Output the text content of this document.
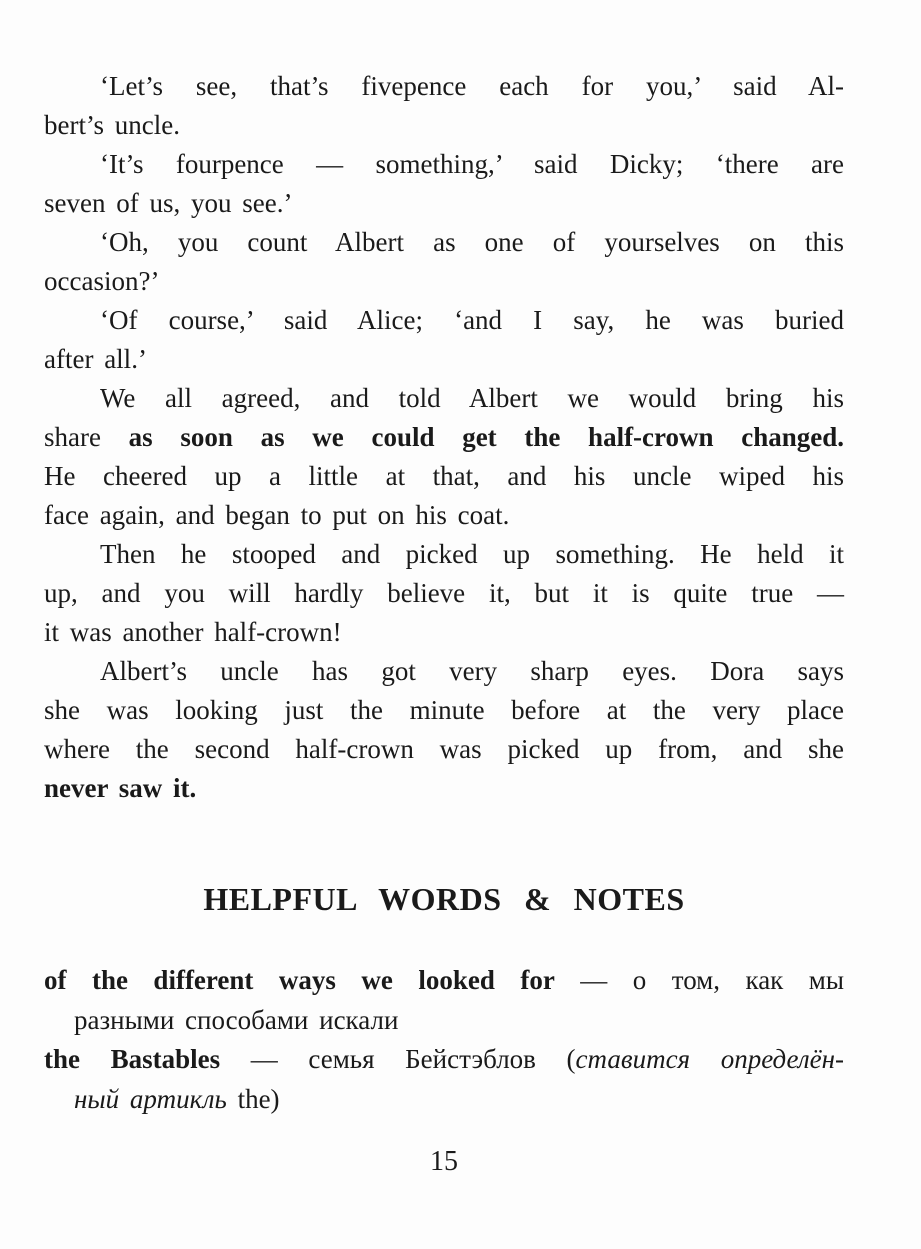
‘Let’s see, that’s fivepence each for you,’ said Al-
bert’s uncle.
‘It’s fourpence — something,’ said Dicky; ‘there are
seven of us, you see.’
‘Oh, you count Albert as one of yourselves on this
occasion?’
‘Of course,’ said Alice; ‘and I say, he was buried
after all.’
We all agreed, and told Albert we would bring his
share as soon as we could get the half-crown changed.
He cheered up a little at that, and his uncle wiped his
face again, and began to put on his coat.
Then he stooped and picked up something. He held it
up, and you will hardly believe it, but it is quite true —
it was another half-crown!
Albert’s uncle has got very sharp eyes. Dora says
she was looking just the minute before at the very place
where the second half-crown was picked up from, and she
never saw it.
HELPFUL WORDS & NOTES
of the different ways we looked for — о том, как мы
разными способами искали
the Bastables — семья Бейстэблов (ставится определён-
ный артикль the)
15
